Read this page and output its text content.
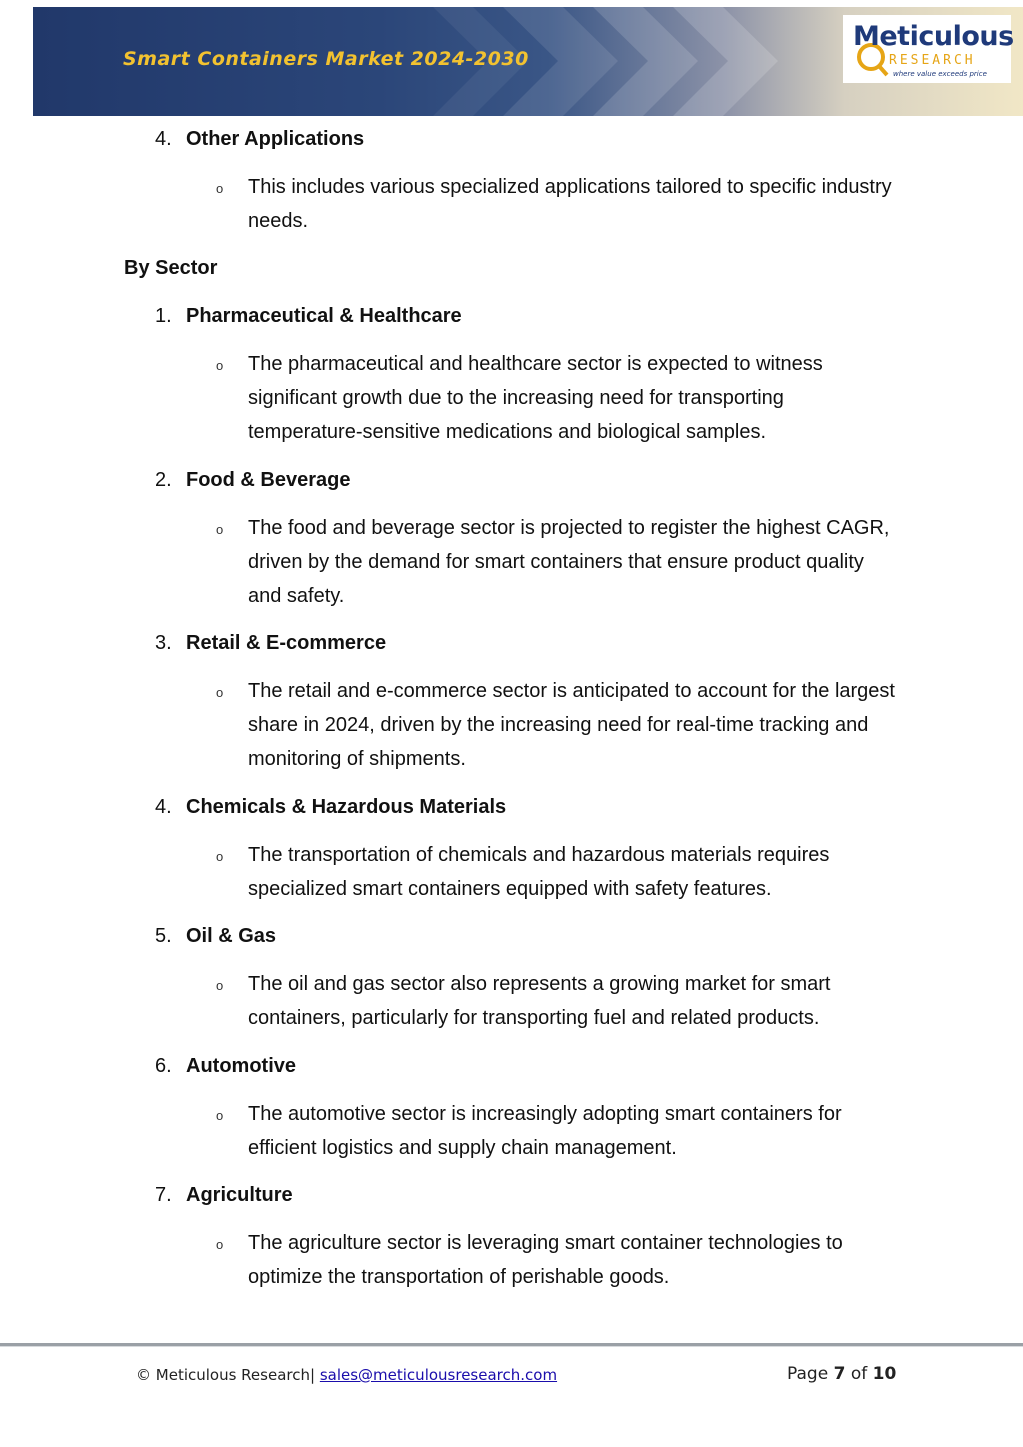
Smart Containers Market 2024-2030
Meticulous
RESEARCH
where value exceeds price
4. Other Applications
o This includes various specialized applications tailored to specific industry needs.
By Sector
1. Pharmaceutical & Healthcare
o The pharmaceutical and healthcare sector is expected to witness significant growth due to the increasing need for transporting temperature-sensitive medications and biological samples.
2. Food & Beverage
o The food and beverage sector is projected to register the highest CAGR, driven by the demand for smart containers that ensure product quality and safety.
3. Retail & E-commerce
o The retail and e-commerce sector is anticipated to account for the largest share in 2024, driven by the increasing need for real-time tracking and monitoring of shipments.
4. Chemicals & Hazardous Materials
o The transportation of chemicals and hazardous materials requires specialized smart containers equipped with safety features.
5. Oil & Gas
o The oil and gas sector also represents a growing market for smart containers, particularly for transporting fuel and related products.
6. Automotive
o The automotive sector is increasingly adopting smart containers for efficient logistics and supply chain management.
7. Agriculture
o The agriculture sector is leveraging smart container technologies to optimize the transportation of perishable goods.
© Meticulous Research| sales@meticulousresearch.com	Page 7 of 10
